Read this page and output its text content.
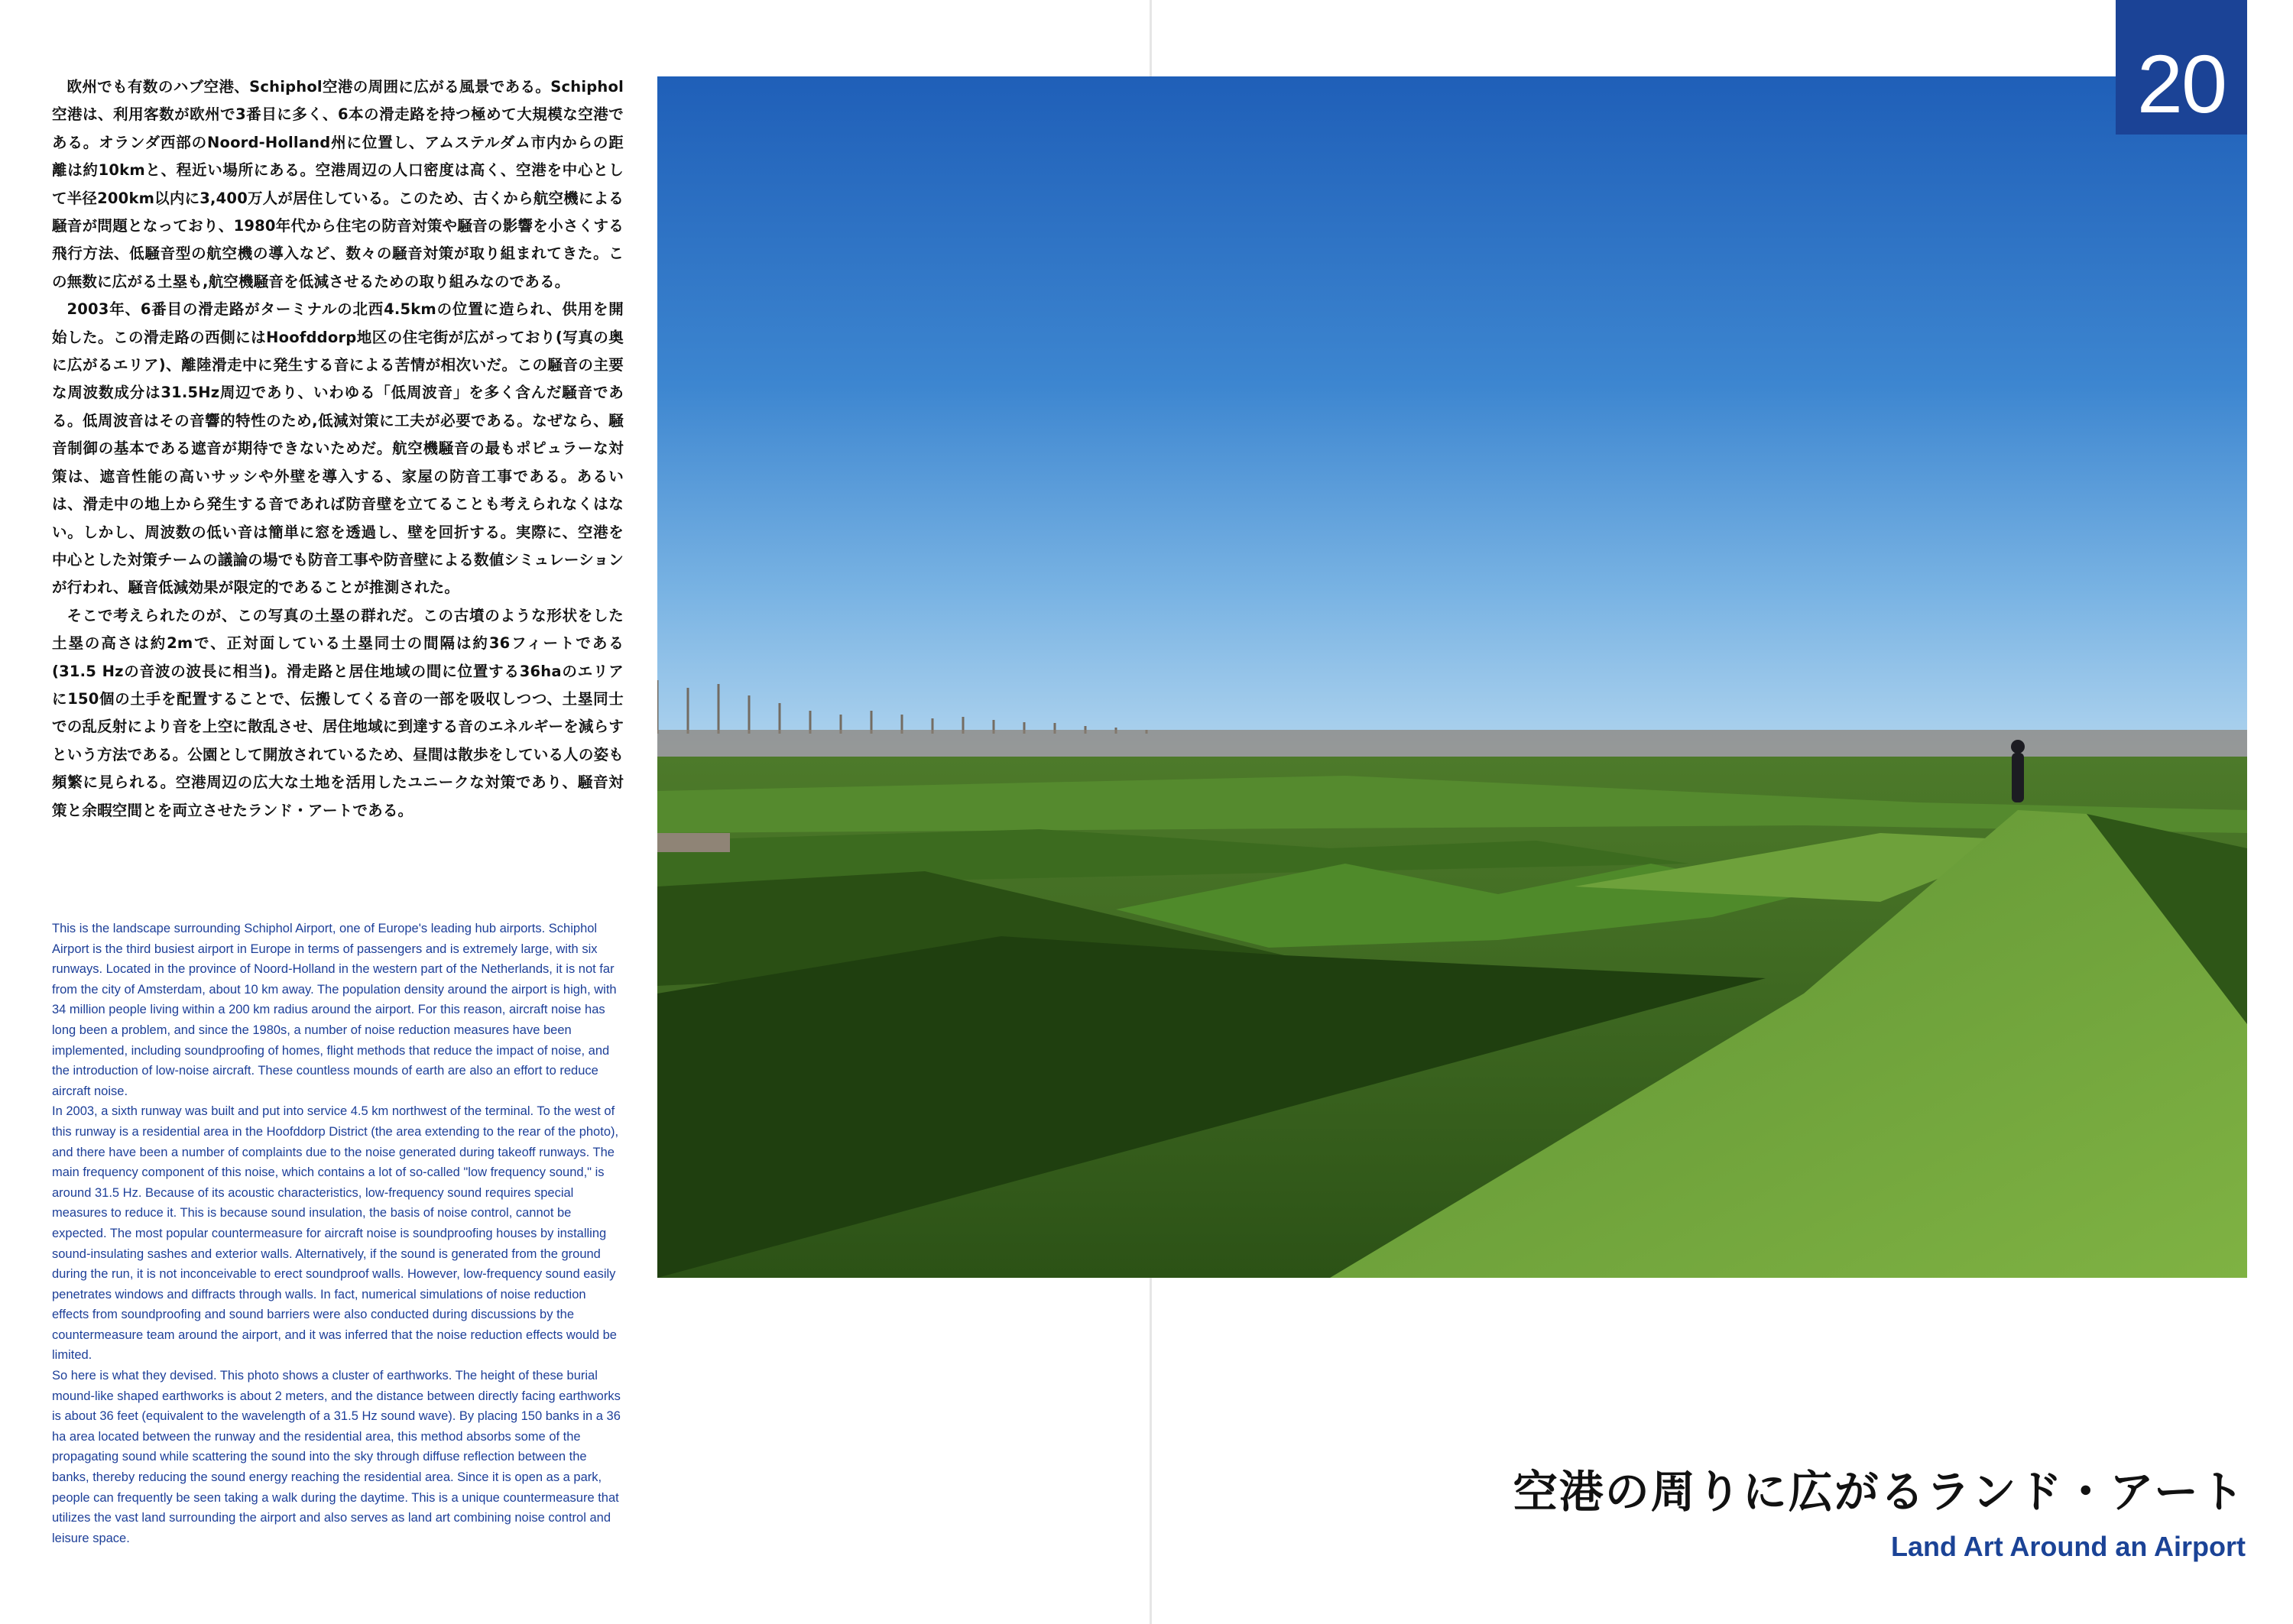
欧州でも有数のハブ空港、Schiphol空港の周囲に広がる風景である。Schiphol空港は、利用客数が欧州で3番目に多く、6本の滑走路を持つ極めて大規模な空港である。オランダ西部のNoord-Holland州に位置し、アムステルダム市内からの距離は約10kmと、程近い場所にある。空港周辺の人口密度は高く、空港を中心として半径200km以内に3,400万人が居住している。このため、古くから航空機による騒音が問題となっており、1980年代から住宅の防音対策や騒音の影響を小さくする飛行方法、低騒音型の航空機の導入など、数々の騒音対策が取り組まれてきた。この無数に広がる土塁も,航空機騒音を低減させるための取り組みなのである。

2003年、6番目の滑走路がターミナルの北西4.5kmの位置に造られ、供用を開始した。この滑走路の西側にはHoofddorp地区の住宅街が広がっており(写真の奥に広がるエリア)、離陸滑走中に発生する音による苦情が相次いだ。この騒音の主要な周波数成分は31.5Hz周辺であり、いわゆる「低周波音」を多く含んだ騒音である。低周波音はその音響的特性のため,低減対策に工夫が必要である。なぜなら、騒音制御の基本である遮音が期待できないためだ。航空機騒音の最もポピュラーな対策は、遮音性能の高いサッシや外壁を導入する、家屋の防音工事である。あるいは、滑走中の地上から発生する音であれば防音壁を立てることも考えられなくはない。しかし、周波数の低い音は簡単に窓を透過し、壁を回折する。実際に、空港を中心とした対策チームの議論の場でも防音工事や防音壁による数値シミュレーションが行われ、騒音低減効果が限定的であることが推測された。

そこで考えられたのが、この写真の土塁の群れだ。この古墳のような形状をした土塁の高さは約2mで、正対面している土塁同士の間隔は約36フィートである(31.5 Hzの音波の波長に相当)。滑走路と居住地域の間に位置する36haのエリアに150個の土手を配置することで、伝搬してくる音の一部を吸収しつつ、土塁同士での乱反射により音を上空に散乱させ、居住地域に到達する音のエネルギーを減らすという方法である。公園として開放されているため、昼間は散歩をしている人の姿も頻繁に見られる。空港周辺の広大な土地を活用したユニークな対策であり、騒音対策と余暇空間とを両立させたランド・アートである。

This is the landscape surrounding Schiphol Airport, one of Europe's leading hub airports. Schiphol Airport is the third busiest airport in Europe in terms of passengers and is extremely large, with six runways. Located in the province of Noord-Holland in the western part of the Netherlands, it is not far from the city of Amsterdam, about 10 km away. The population density around the airport is high, with 34 million people living within a 200 km radius around the airport. For this reason, aircraft noise has long been a problem, and since the 1980s, a number of noise reduction measures have been implemented, including soundproofing of homes, flight methods that reduce the impact of noise, and the introduction of low-noise aircraft. These countless mounds of earth are also an effort to reduce aircraft noise.

In 2003, a sixth runway was built and put into service 4.5 km northwest of the terminal. To the west of this runway is a residential area in the Hoofddorp District (the area extending to the rear of the photo), and there have been a number of complaints due to the noise generated during takeoff runways. The main frequency component of this noise, which contains a lot of so-called "low frequency sound," is around 31.5 Hz. Because of its acoustic characteristics, low-frequency sound requires special measures to reduce it. This is because sound insulation, the basis of noise control, cannot be expected. The most popular countermeasure for aircraft noise is soundproofing houses by installing sound-insulating sashes and exterior walls. Alternatively, if the sound is generated from the ground during the run, it is not inconceivable to erect soundproof walls. However, low-frequency sound easily penetrates windows and diffracts through walls. In fact, numerical simulations of noise reduction effects from soundproofing and sound barriers were also conducted during discussions by the countermeasure team around the airport, and it was inferred that the noise reduction effects would be limited.

So here is what they devised. This photo shows a cluster of earthworks. The height of these burial mound-like shaped earthworks is about 2 meters, and the distance between directly facing earthworks is about 36 feet (equivalent to the wavelength of a 31.5 Hz sound wave). By placing 150 banks in a 36 ha area located between the runway and the residential area, this method absorbs some of the propagating sound while scattering the sound into the sky through diffuse reflection between the banks, thereby reducing the sound energy reaching the residential area. Since it is open as a park, people can frequently be seen taking a walk during the daytime. This is a unique countermeasure that utilizes the vast land surrounding the airport and also serves as land art combining noise control and leisure space.

20
空港の周りに広がるランド・アート
Land Art Around an Airport
